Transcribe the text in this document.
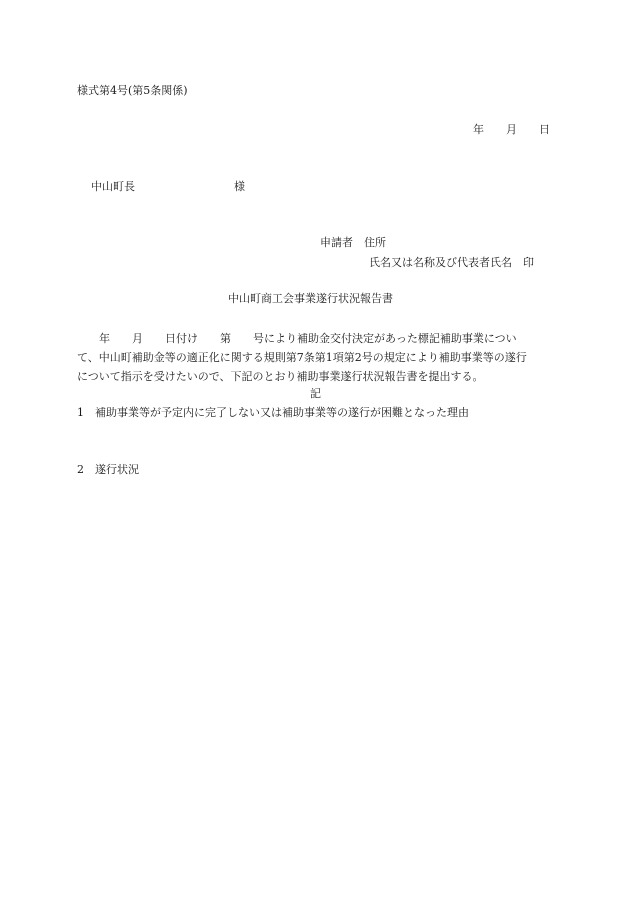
様式第4号(第5条関係)
年　　月　　日
中山町長　　　　　　　　　様
申請者　住所
氏名又は名称及び代表者氏名　印
中山町商工会事業遂行状況報告書
　　年　　月　　日付け　　第　　号により補助金交付決定があった標記補助事業につい
て、中山町補助金等の適正化に関する規則第7条第1項第2号の規定により補助事業等の遂行
について指示を受けたいので、下記のとおり補助事業遂行状況報告書を提出する。
記
1　補助事業等が予定内に完了しない又は補助事業等の遂行が困難となった理由
2　遂行状況
